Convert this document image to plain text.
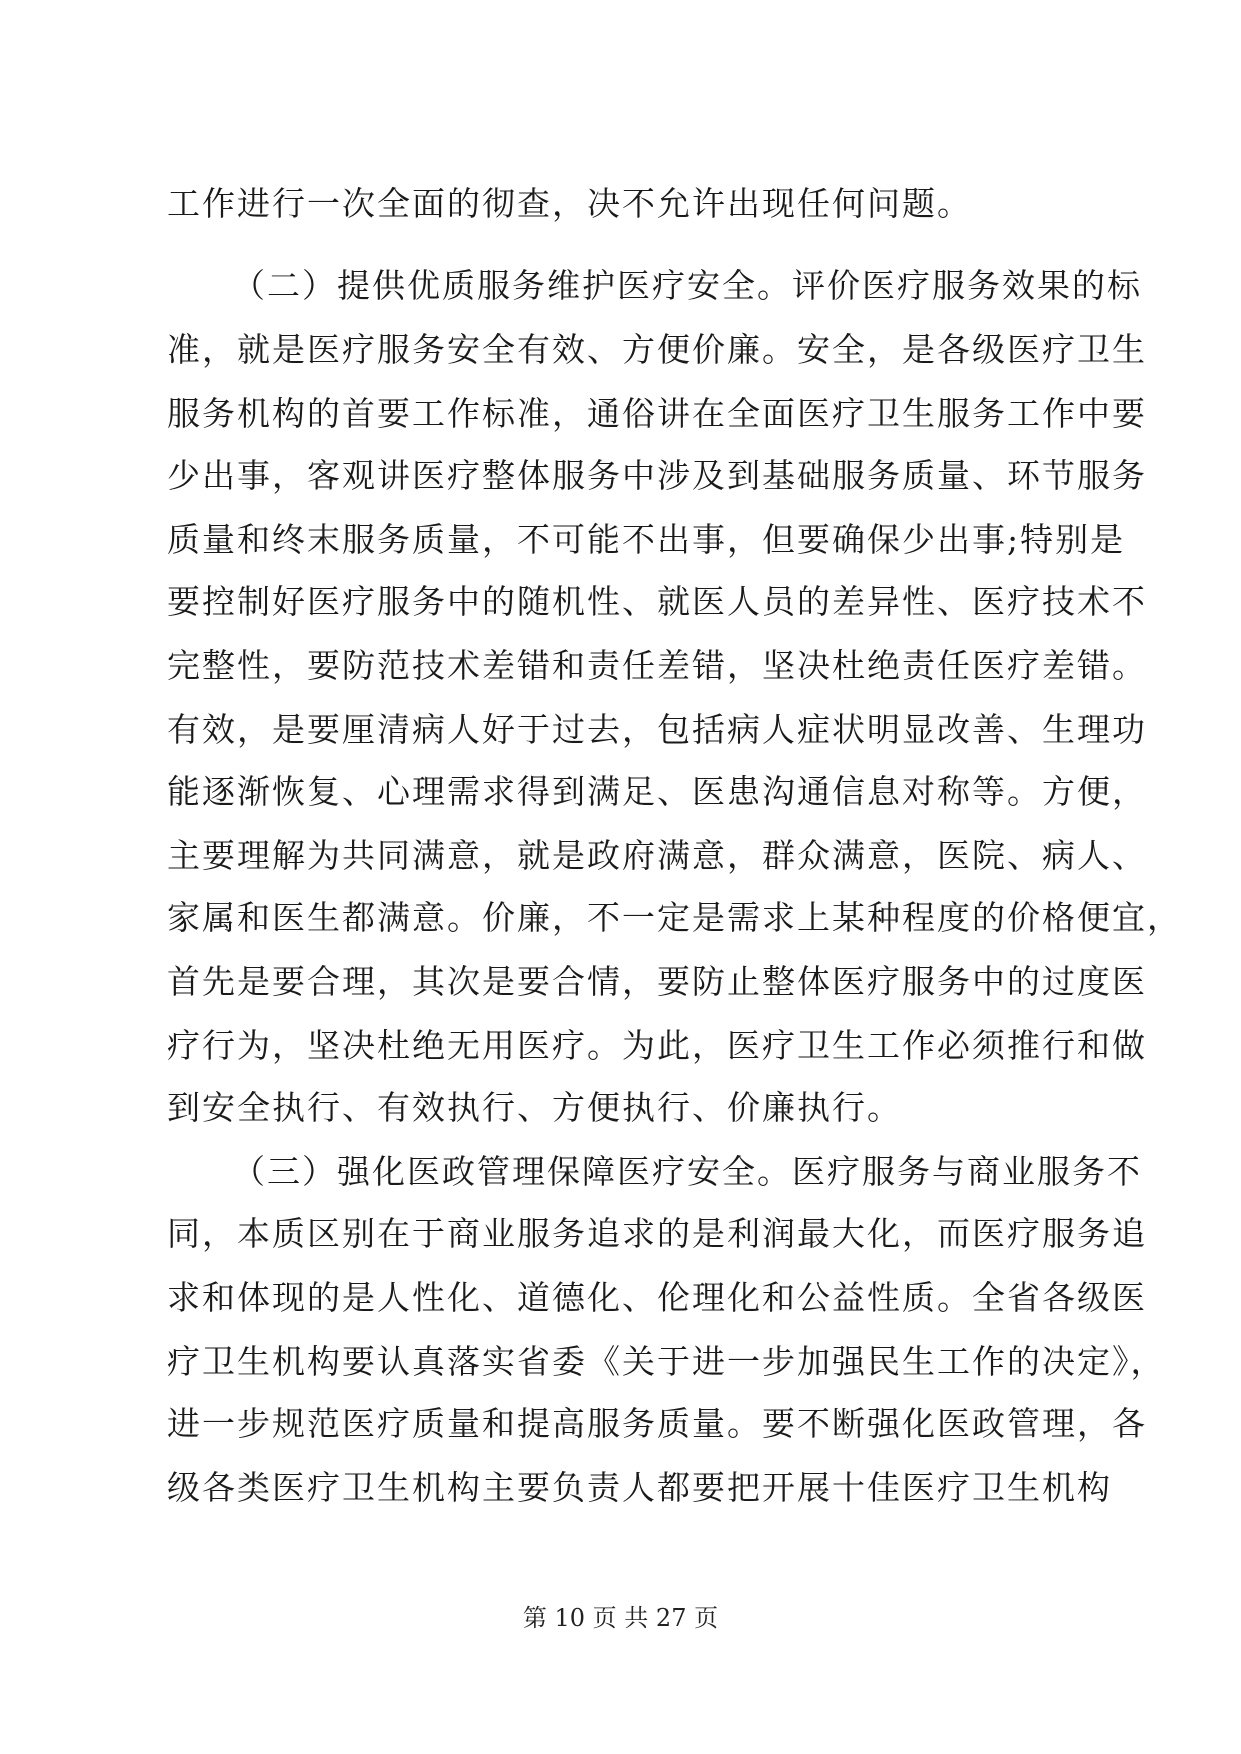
工作进行一次全面的彻查，决不允许出现任何问题。
（二）提供优质服务维护医疗安全。评价医疗服务效果的标
准，就是医疗服务安全有效、方便价廉。安全，是各级医疗卫生
服务机构的首要工作标准，通俗讲在全面医疗卫生服务工作中要
少出事，客观讲医疗整体服务中涉及到基础服务质量、环节服务
质量和终末服务质量，不可能不出事，但要确保少出事;特别是
要控制好医疗服务中的随机性、就医人员的差异性、医疗技术不
完整性，要防范技术差错和责任差错，坚决杜绝责任医疗差错。
有效，是要厘清病人好于过去，包括病人症状明显改善、生理功
能逐渐恢复、心理需求得到满足、医患沟通信息对称等。方便，
主要理解为共同满意，就是政府满意，群众满意，医院、病人、
家属和医生都满意。价廉，不一定是需求上某种程度的价格便宜，
首先是要合理，其次是要合情，要防止整体医疗服务中的过度医
疗行为，坚决杜绝无用医疗。为此，医疗卫生工作必须推行和做
到安全执行、有效执行、方便执行、价廉执行。
（三）强化医政管理保障医疗安全。医疗服务与商业服务不
同，本质区别在于商业服务追求的是利润最大化，而医疗服务追
求和体现的是人性化、道德化、伦理化和公益性质。全省各级医
疗卫生机构要认真落实省委《关于进一步加强民生工作的决定》，
进一步规范医疗质量和提高服务质量。要不断强化医政管理，各
级各类医疗卫生机构主要负责人都要把开展十佳医疗卫生机构
第 10 页 共 27 页
